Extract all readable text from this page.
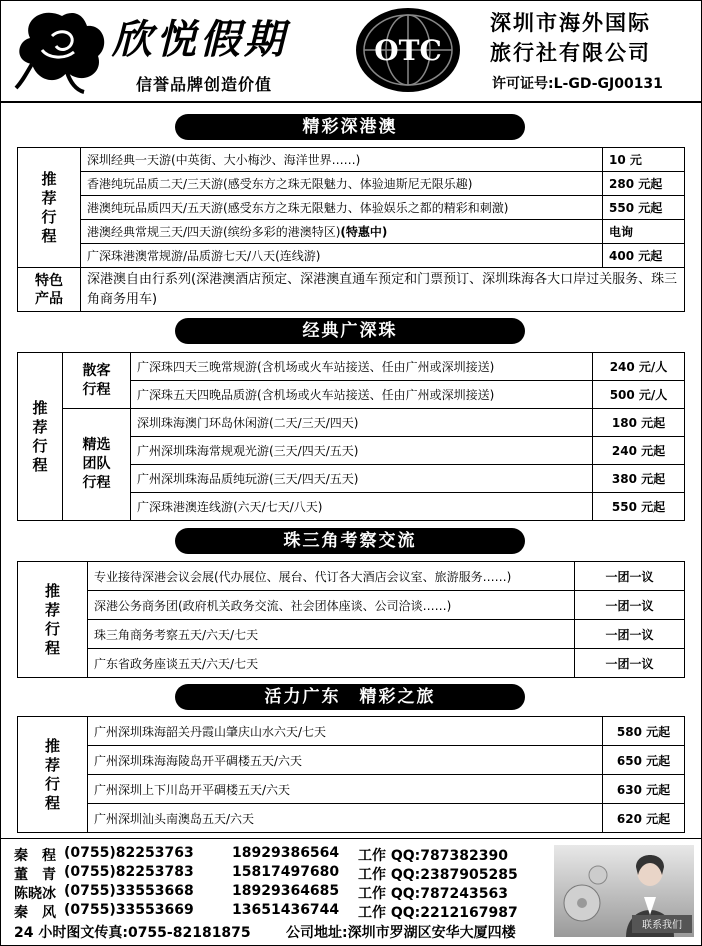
欣悦假期
信誉品牌创造价值
OTC
深圳市海外国际
旅行社有限公司
许可证号:L-GD-GJ00131
精彩深港澳
推荐行程	深圳经典一天游(中英街、大小梅沙、海洋世界……)	10 元
	香港纯玩品质二天/三天游(感受东方之珠无限魅力、体验迪斯尼无限乐趣)	280 元起
	港澳纯玩品质四天/五天游(感受东方之珠无限魅力、体验娱乐之都的精彩和刺激)	550 元起
	港澳经典常规三天/四天游(缤纷多彩的港澳特区)(特惠中)	电询
	广深珠港澳常规游/品质游七天/八天(连线游)	400 元起

特色产品	深港澳自由行系列(深港澳酒店预定、深港澳直通车预定和门票预订、深圳珠海各大口岸过关服务、珠三角商务用车)	
经典广深珠
推荐行程	散客行程	广深珠四天三晚常规游(含机场或火车站接送、任由广州或深圳接送)	240 元/人
		广深珠五天四晚品质游(含机场或火车站接送、任由广州或深圳接送)	500 元/人

	精选团队行程	深圳珠海澳门环岛休闲游(二天/三天/四天)	180 元起
		广州深圳珠海常规观光游(三天/四天/五天)	240 元起
		广州深圳珠海品质纯玩游(三天/四天/五天)	380 元起
		广深珠港澳连线游(六天/七天/八天)	550 元起
珠三角考察交流
推荐行程	专业接待深港会议会展(代办展位、展台、代订各大酒店会议室、旅游服务……)	一团一议
	深港公务商务团(政府机关政务交流、社会团体座谈、公司洽谈……)	一团一议
	珠三角商务考察五天/六天/七天	一团一议
	广东省政务座谈五天/六天/七天	一团一议
活力广东　精彩之旅
推荐行程	广州深圳珠海韶关丹霞山肇庆山水六天/七天	580 元起
	广州深圳珠海海陵岛开平碉楼五天/六天	650 元起
	广州深圳上下川岛开平碉楼五天/六天	630 元起
	广州深圳汕头南澳岛五天/六天	620 元起
秦　程 (0755)82253763	18929386564 工作 QQ:787382390
董　青 (0755)82253783	15817497680 工作 QQ:2387905285
陈晓冰 (0755)33553668	18929364685 工作 QQ:787243563
秦　风 (0755)33553669	13651436744 工作 QQ:2212167987
24 小时图文传真:0755-82181875	公司地址:深圳市罗湖区安华大厦四楼	联系我们
